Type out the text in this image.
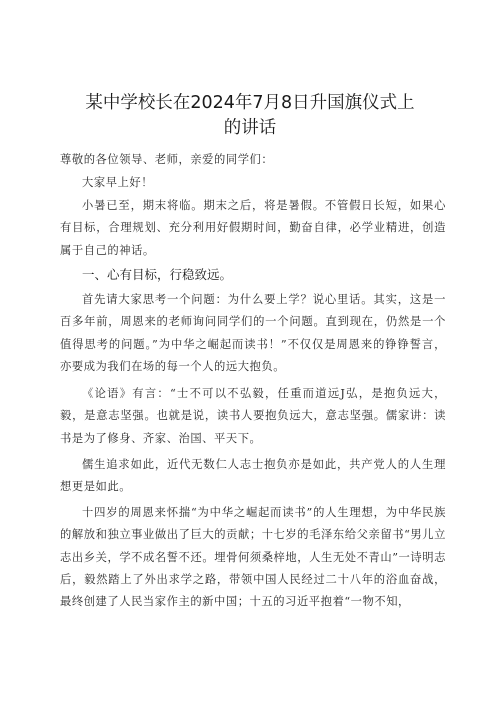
某中学校长在2024年7月8日升国旗仪式上
的讲话
尊敬的各位领导、老师，亲爱的同学们：
大家早上好！
小暑已至，期末将临。期末之后，将是暑假。不管假日长短，如果心有目标，合理规划、充分利用好假期时间，勤奋自律，必学业精进，创造属于自己的神话。
一、心有目标，行稳致远。
首先请大家思考一个问题：为什么要上学？说心里话。其实，这是一百多年前，周恩来的老师询问同学们的一个问题。直到现在，仍然是一个值得思考的问题。”为中华之崛起而读书！”不仅仅是周恩来的铮铮誓言，亦要成为我们在场的每一个人的远大抱负。
《论语》有言：“士不可以不弘毅，任重而道远J弘，是抱负远大，毅，是意志坚强。也就是说，读书人要抱负远大，意志坚强。儒家讲：读书是为了修身、齐家、治国、平天下。
儒生追求如此，近代无数仁人志士抱负亦是如此，共产党人的人生理想更是如此。
十四岁的周恩来怀揣“为中华之崛起而读书”的人生理想，为中华民族的解放和独立事业做出了巨大的贡献；十七岁的毛泽东给父亲留书“男儿立志出乡关，学不成名誓不还。埋骨何须桑梓地，人生无处不青山”一诗明志后，毅然踏上了外出求学之路，带领中国人民经过二十八年的浴血奋战，最终创建了人民当家作主的新中国；十五的习近平抱着“一物不知，
